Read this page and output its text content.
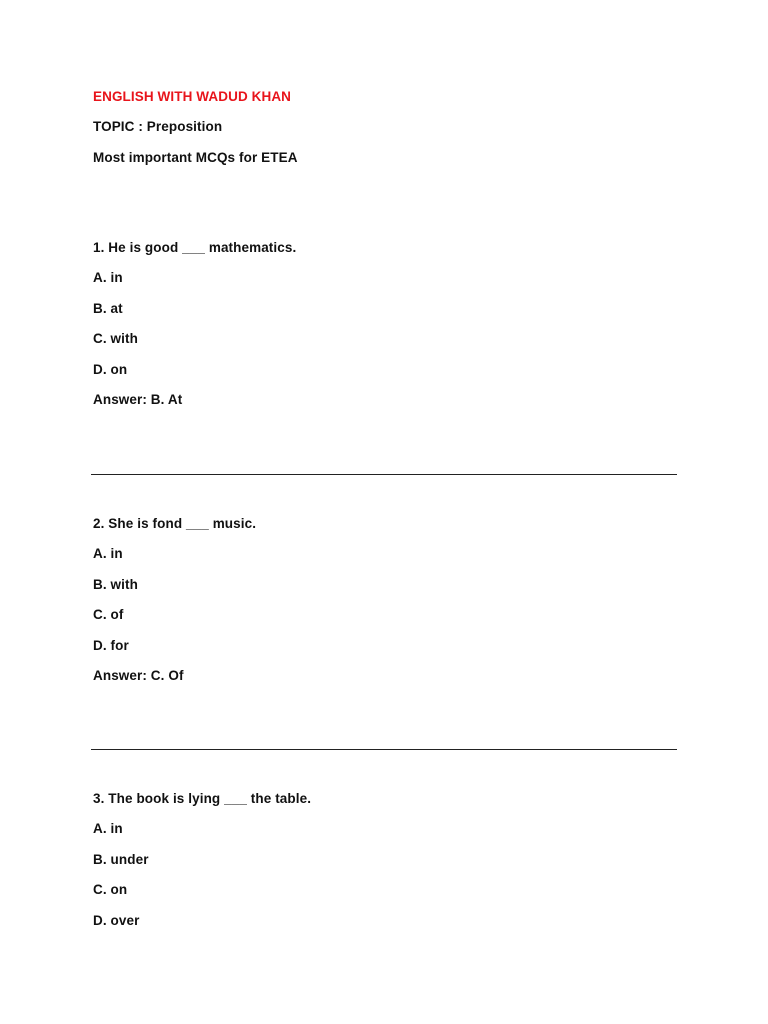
ENGLISH WITH WADUD KHAN
TOPIC : Preposition
Most important MCQs for ETEA
1. He is good ___ mathematics.
A. in
B. at
C. with
D. on
Answer: B. At
2. She is fond ___ music.
A. in
B. with
C. of
D. for
Answer: C. Of
3. The book is lying ___ the table.
A. in
B. under
C. on
D. over
